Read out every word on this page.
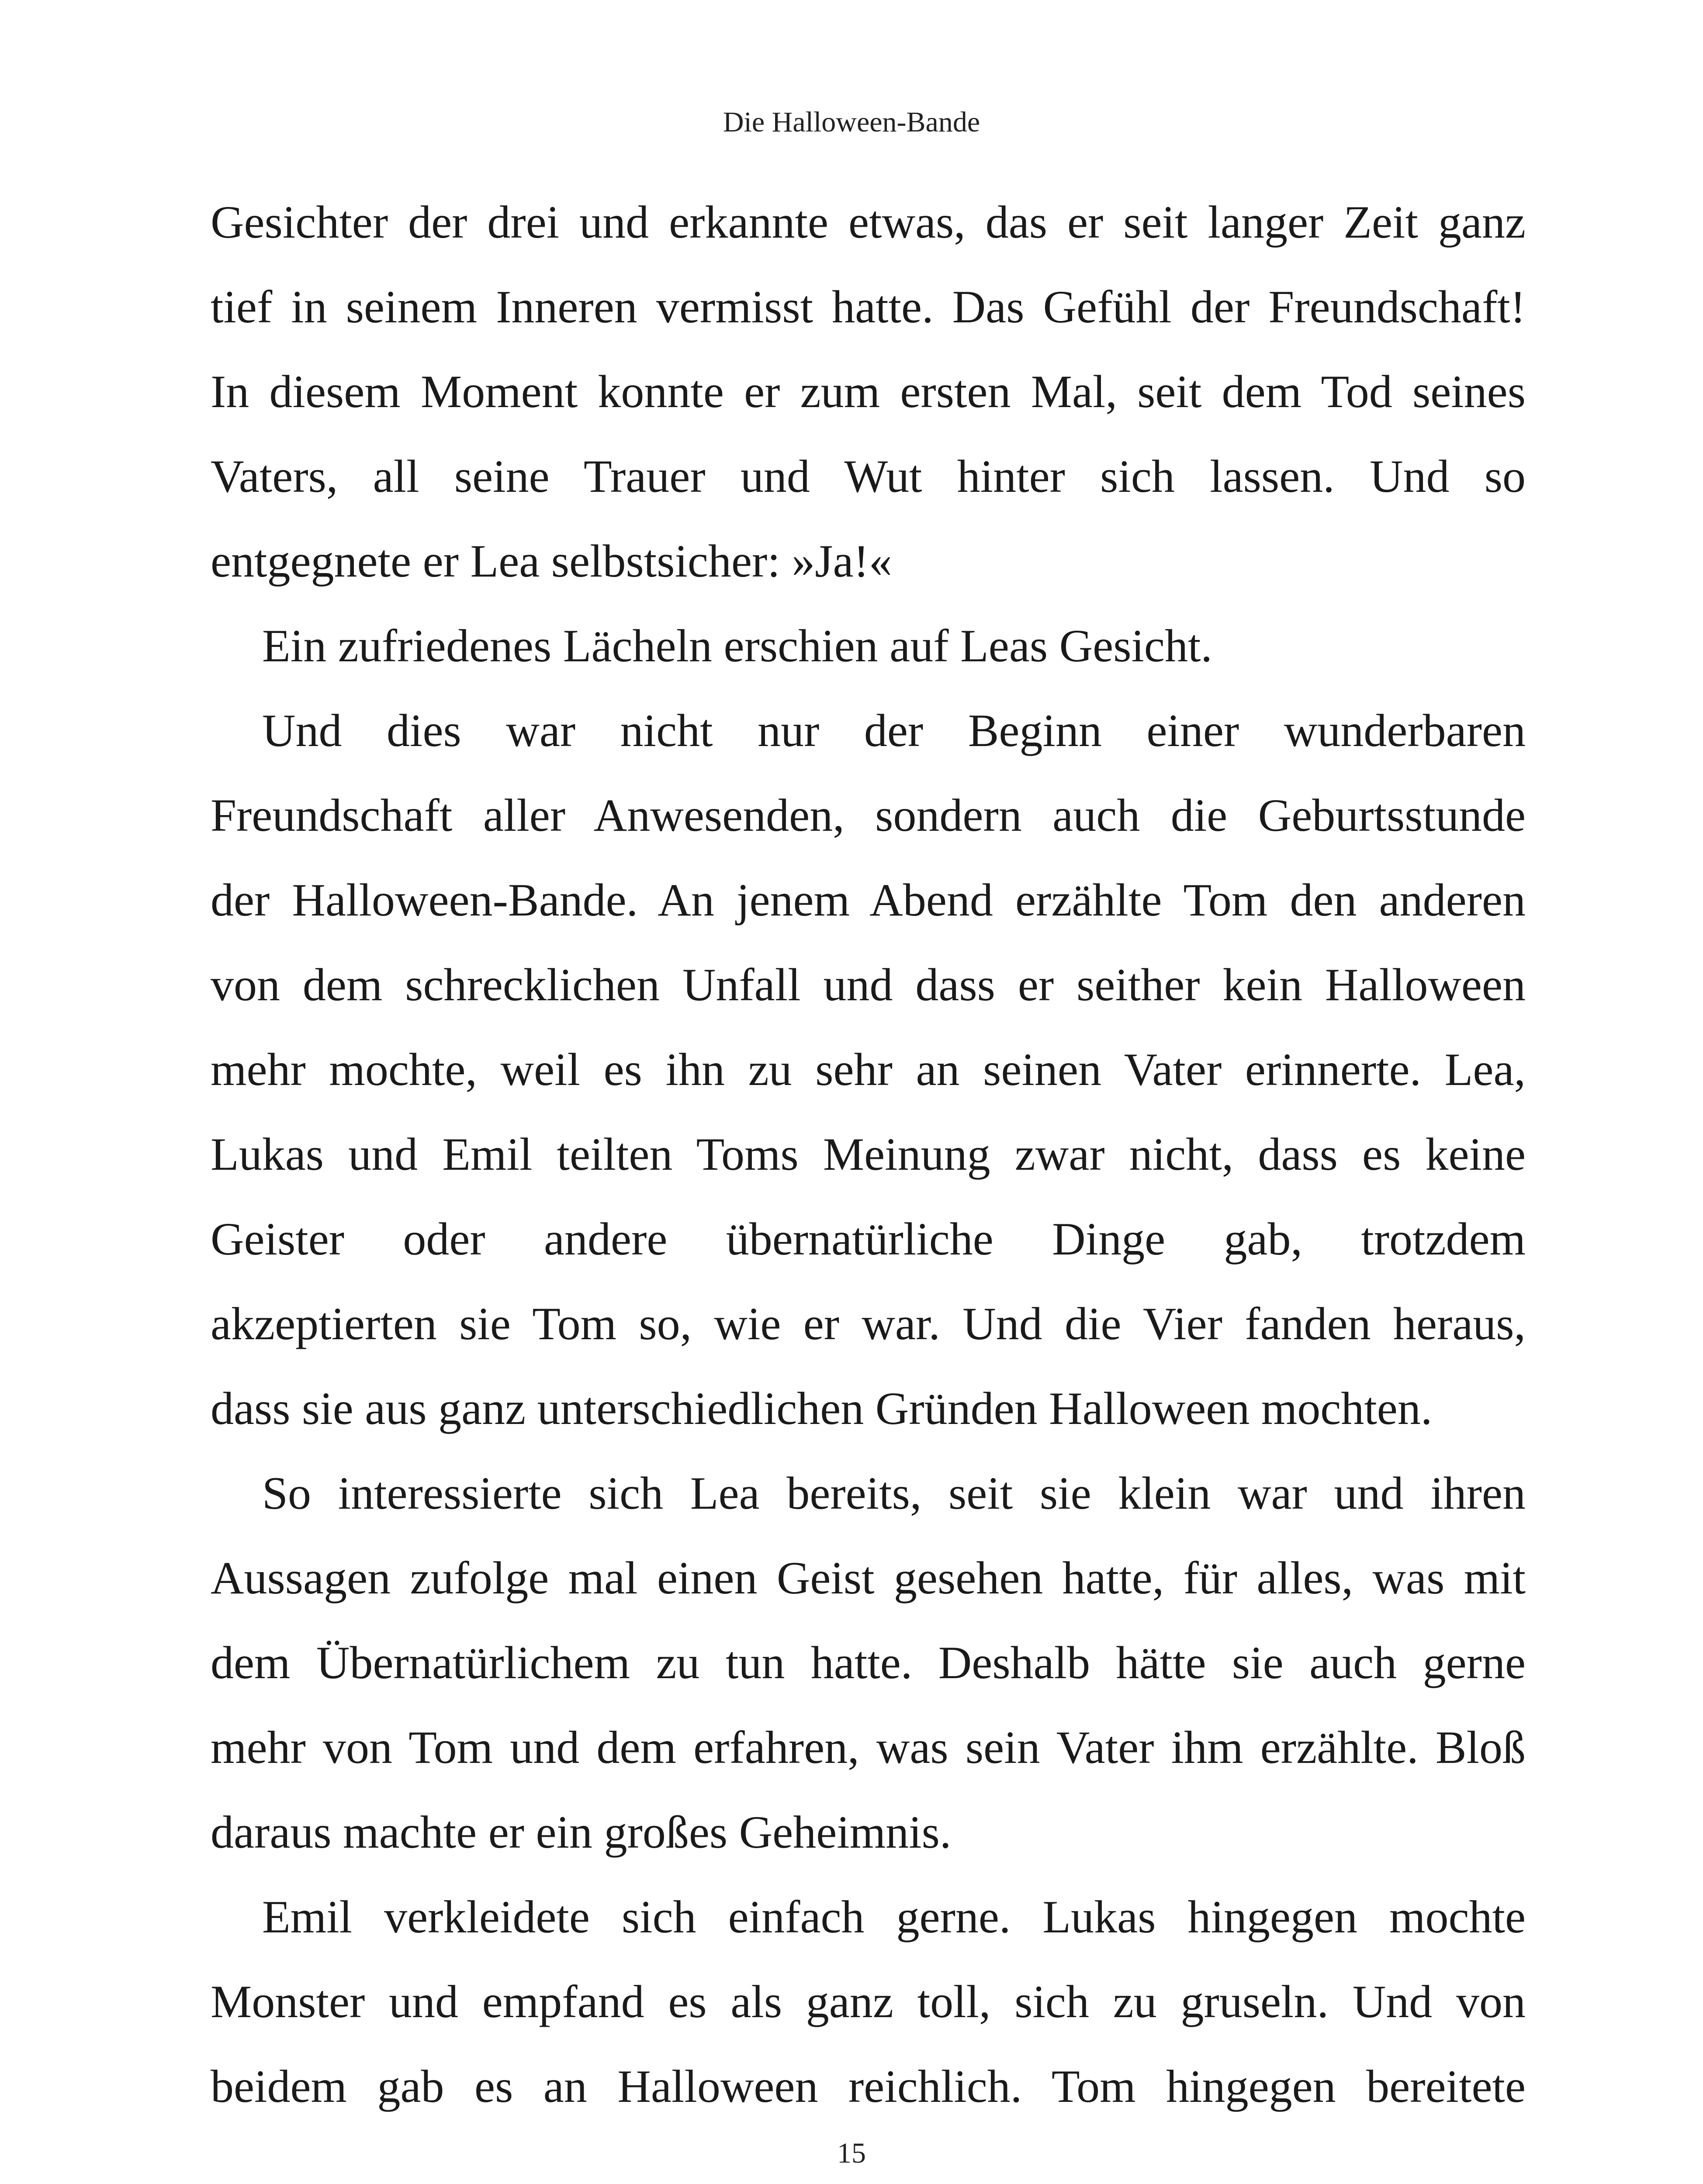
Die Halloween-Bande
Gesichter der drei und erkannte etwas, das er seit langer Zeit ganz
tief in seinem Inneren vermisst hatte. Das Gefühl der Freundschaft!
In diesem Moment konnte er zum ersten Mal, seit dem Tod seines
Vaters, all seine Trauer und Wut hinter sich lassen. Und so
entgegnete er Lea selbstsicher: »Ja!«
Ein zufriedenes Lächeln erschien auf Leas Gesicht.
Und dies war nicht nur der Beginn einer wunderbaren
Freundschaft aller Anwesenden, sondern auch die Geburtsstunde
der Halloween-Bande. An jenem Abend erzählte Tom den anderen
von dem schrecklichen Unfall und dass er seither kein Halloween
mehr mochte, weil es ihn zu sehr an seinen Vater erinnerte. Lea,
Lukas und Emil teilten Toms Meinung zwar nicht, dass es keine
Geister oder andere übernatürliche Dinge gab, trotzdem
akzeptierten sie Tom so, wie er war. Und die Vier fanden heraus,
dass sie aus ganz unterschiedlichen Gründen Halloween mochten.
So interessierte sich Lea bereits, seit sie klein war und ihren
Aussagen zufolge mal einen Geist gesehen hatte, für alles, was mit
dem Übernatürlichem zu tun hatte. Deshalb hätte sie auch gerne
mehr von Tom und dem erfahren, was sein Vater ihm erzählte. Bloß
daraus machte er ein großes Geheimnis.
Emil verkleidete sich einfach gerne. Lukas hingegen mochte
Monster und empfand es als ganz toll, sich zu gruseln. Und von
beidem gab es an Halloween reichlich. Tom hingegen bereitete
15
